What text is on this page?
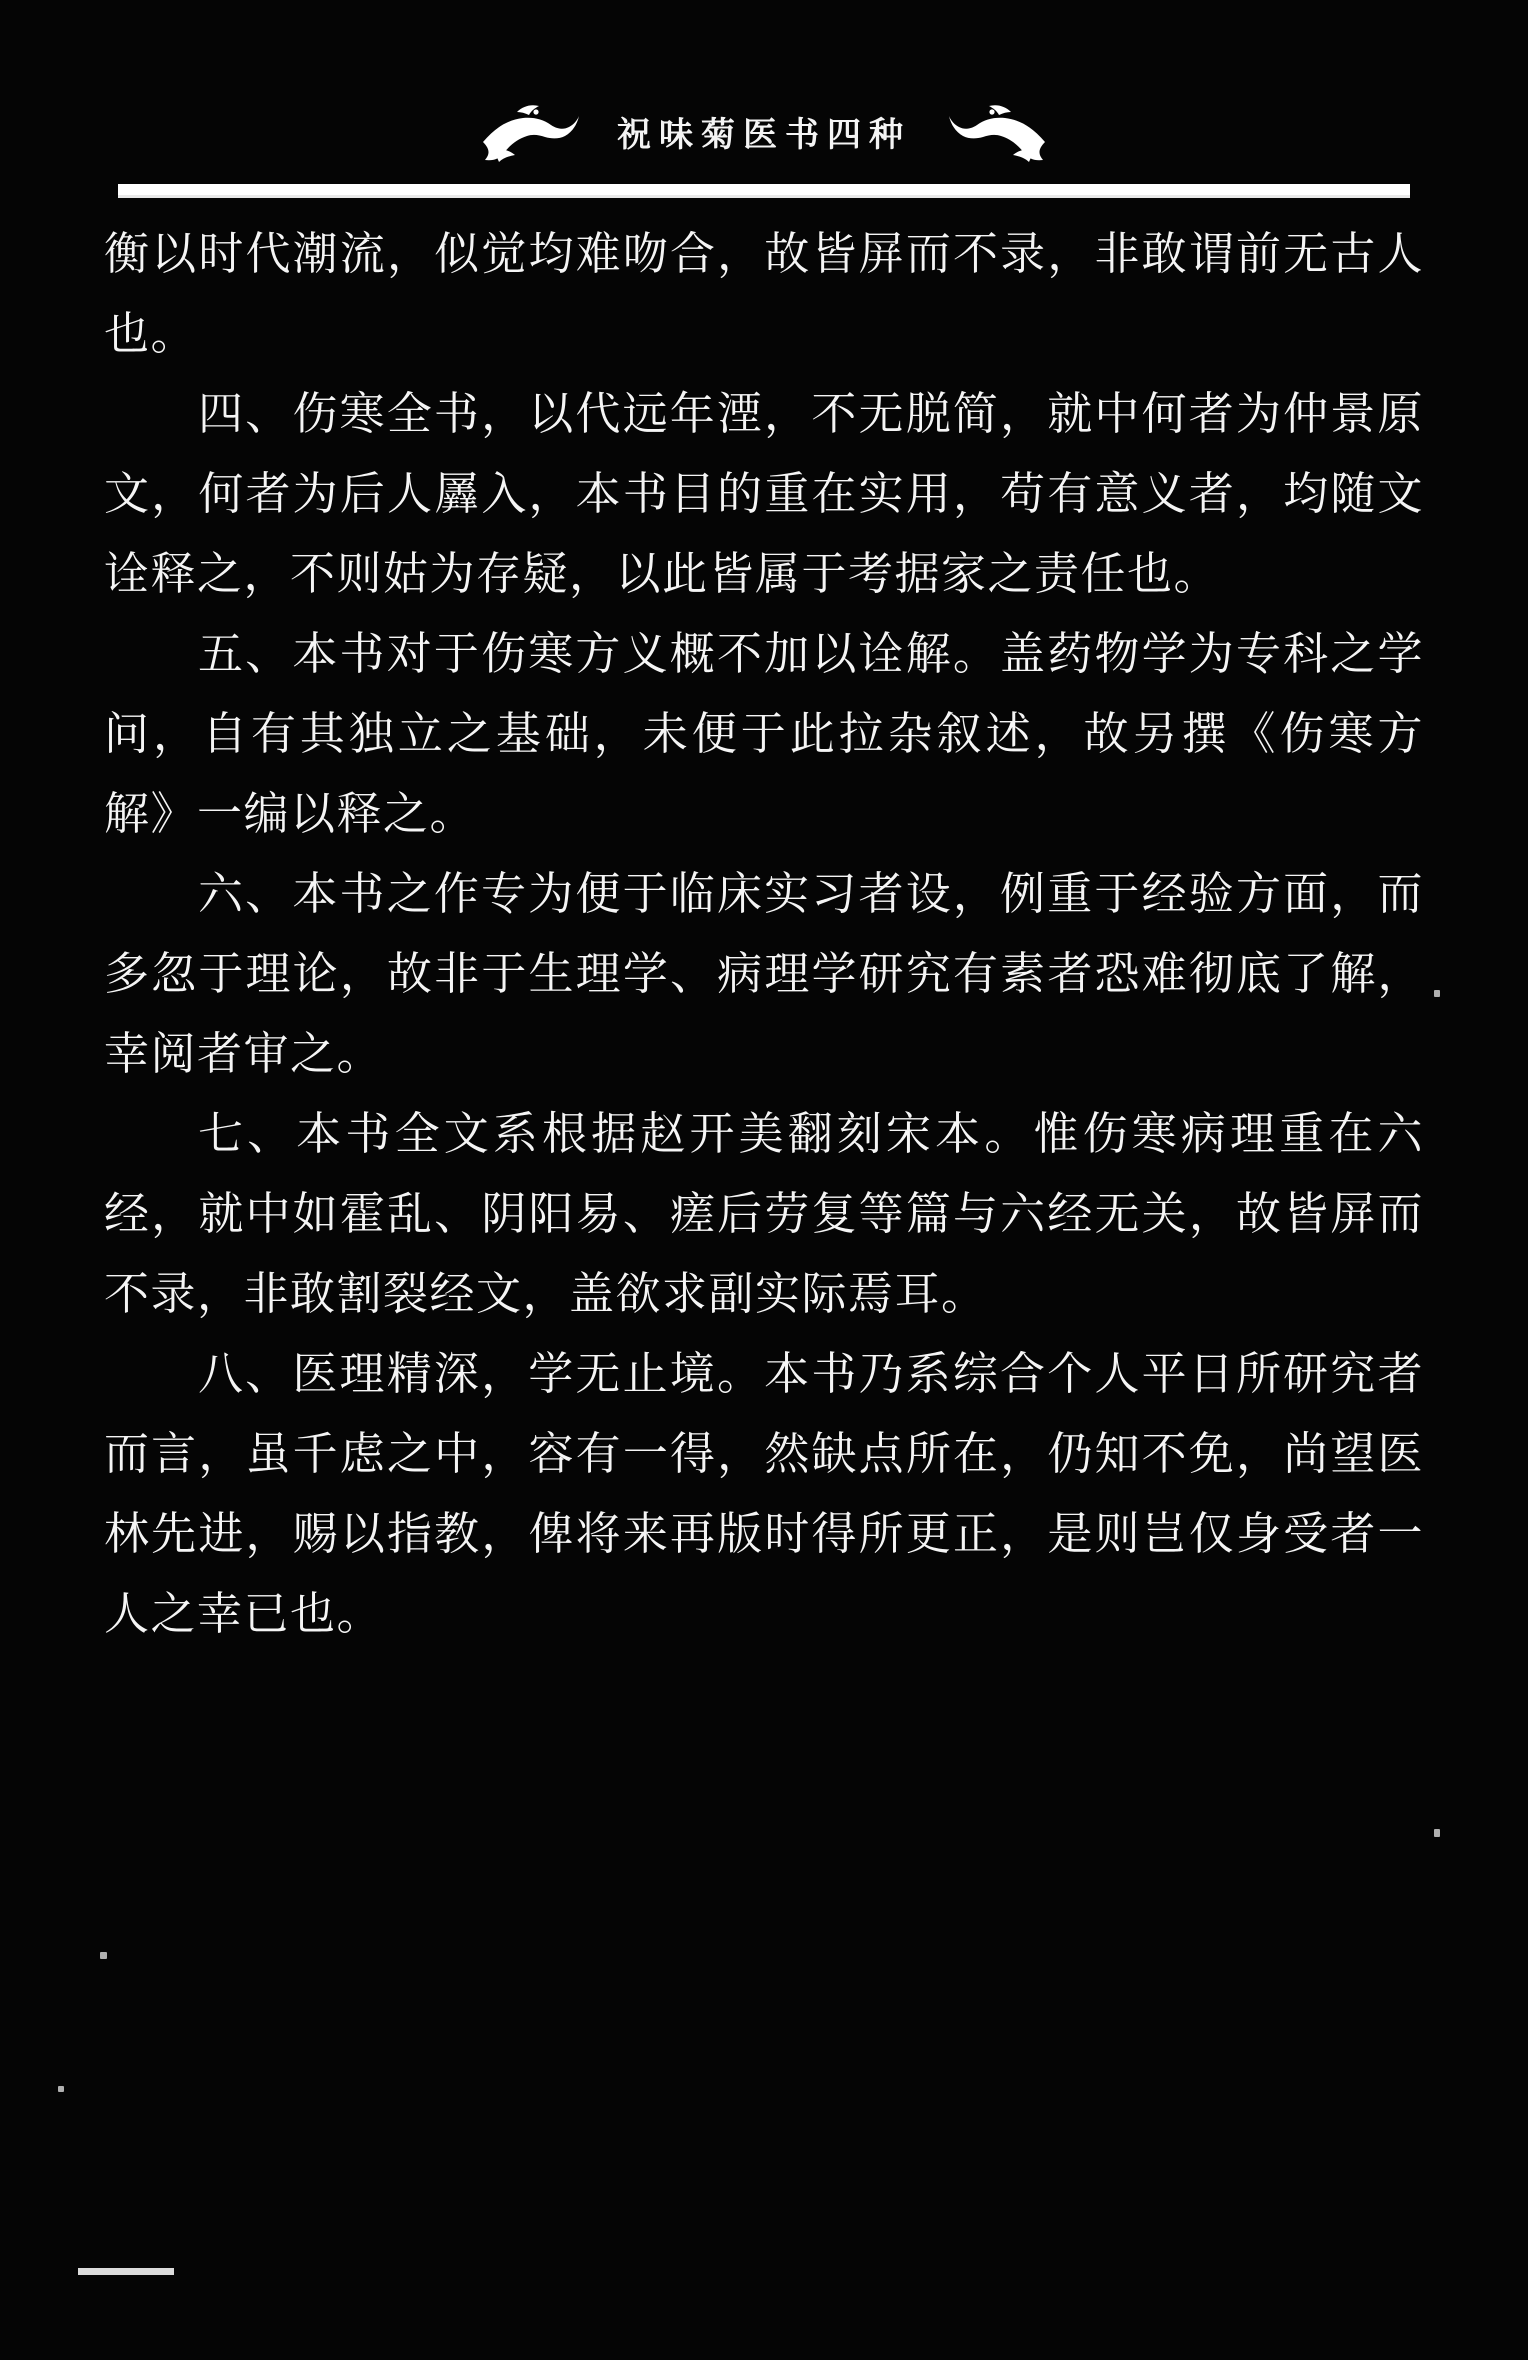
祝味菊医书四种

衡以时代潮流，似觉均难吻合，故皆屏而不录，非敢谓前无古人也。

四、伤寒全书，以代远年湮，不无脱简，就中何者为仲景原文，何者为后人羼入，本书目的重在实用，苟有意义者，均随文诠释之，不则姑为存疑，以此皆属于考据家之责任也。

五、本书对于伤寒方义概不加以诠解。盖药物学为专科之学问，自有其独立之基础，未便于此拉杂叙述，故另撰《伤寒方解》一编以释之。

六、本书之作专为便于临床实习者设，例重于经验方面，而多忽于理论，故非于生理学、病理学研究有素者恐难彻底了解，幸阅者审之。

七、本书全文系根据赵开美翻刻宋本。惟伤寒病理重在六经，就中如霍乱、阴阳易、瘥后劳复等篇与六经无关，故皆屏而不录，非敢割裂经文，盖欲求副实际焉耳。

八、医理精深，学无止境。本书乃系综合个人平日所研究者而言，虽千虑之中，容有一得，然缺点所在，仍知不免，尚望医林先进，赐以指教，俾将来再版时得所更正，是则岂仅身受者一人之幸已也。
